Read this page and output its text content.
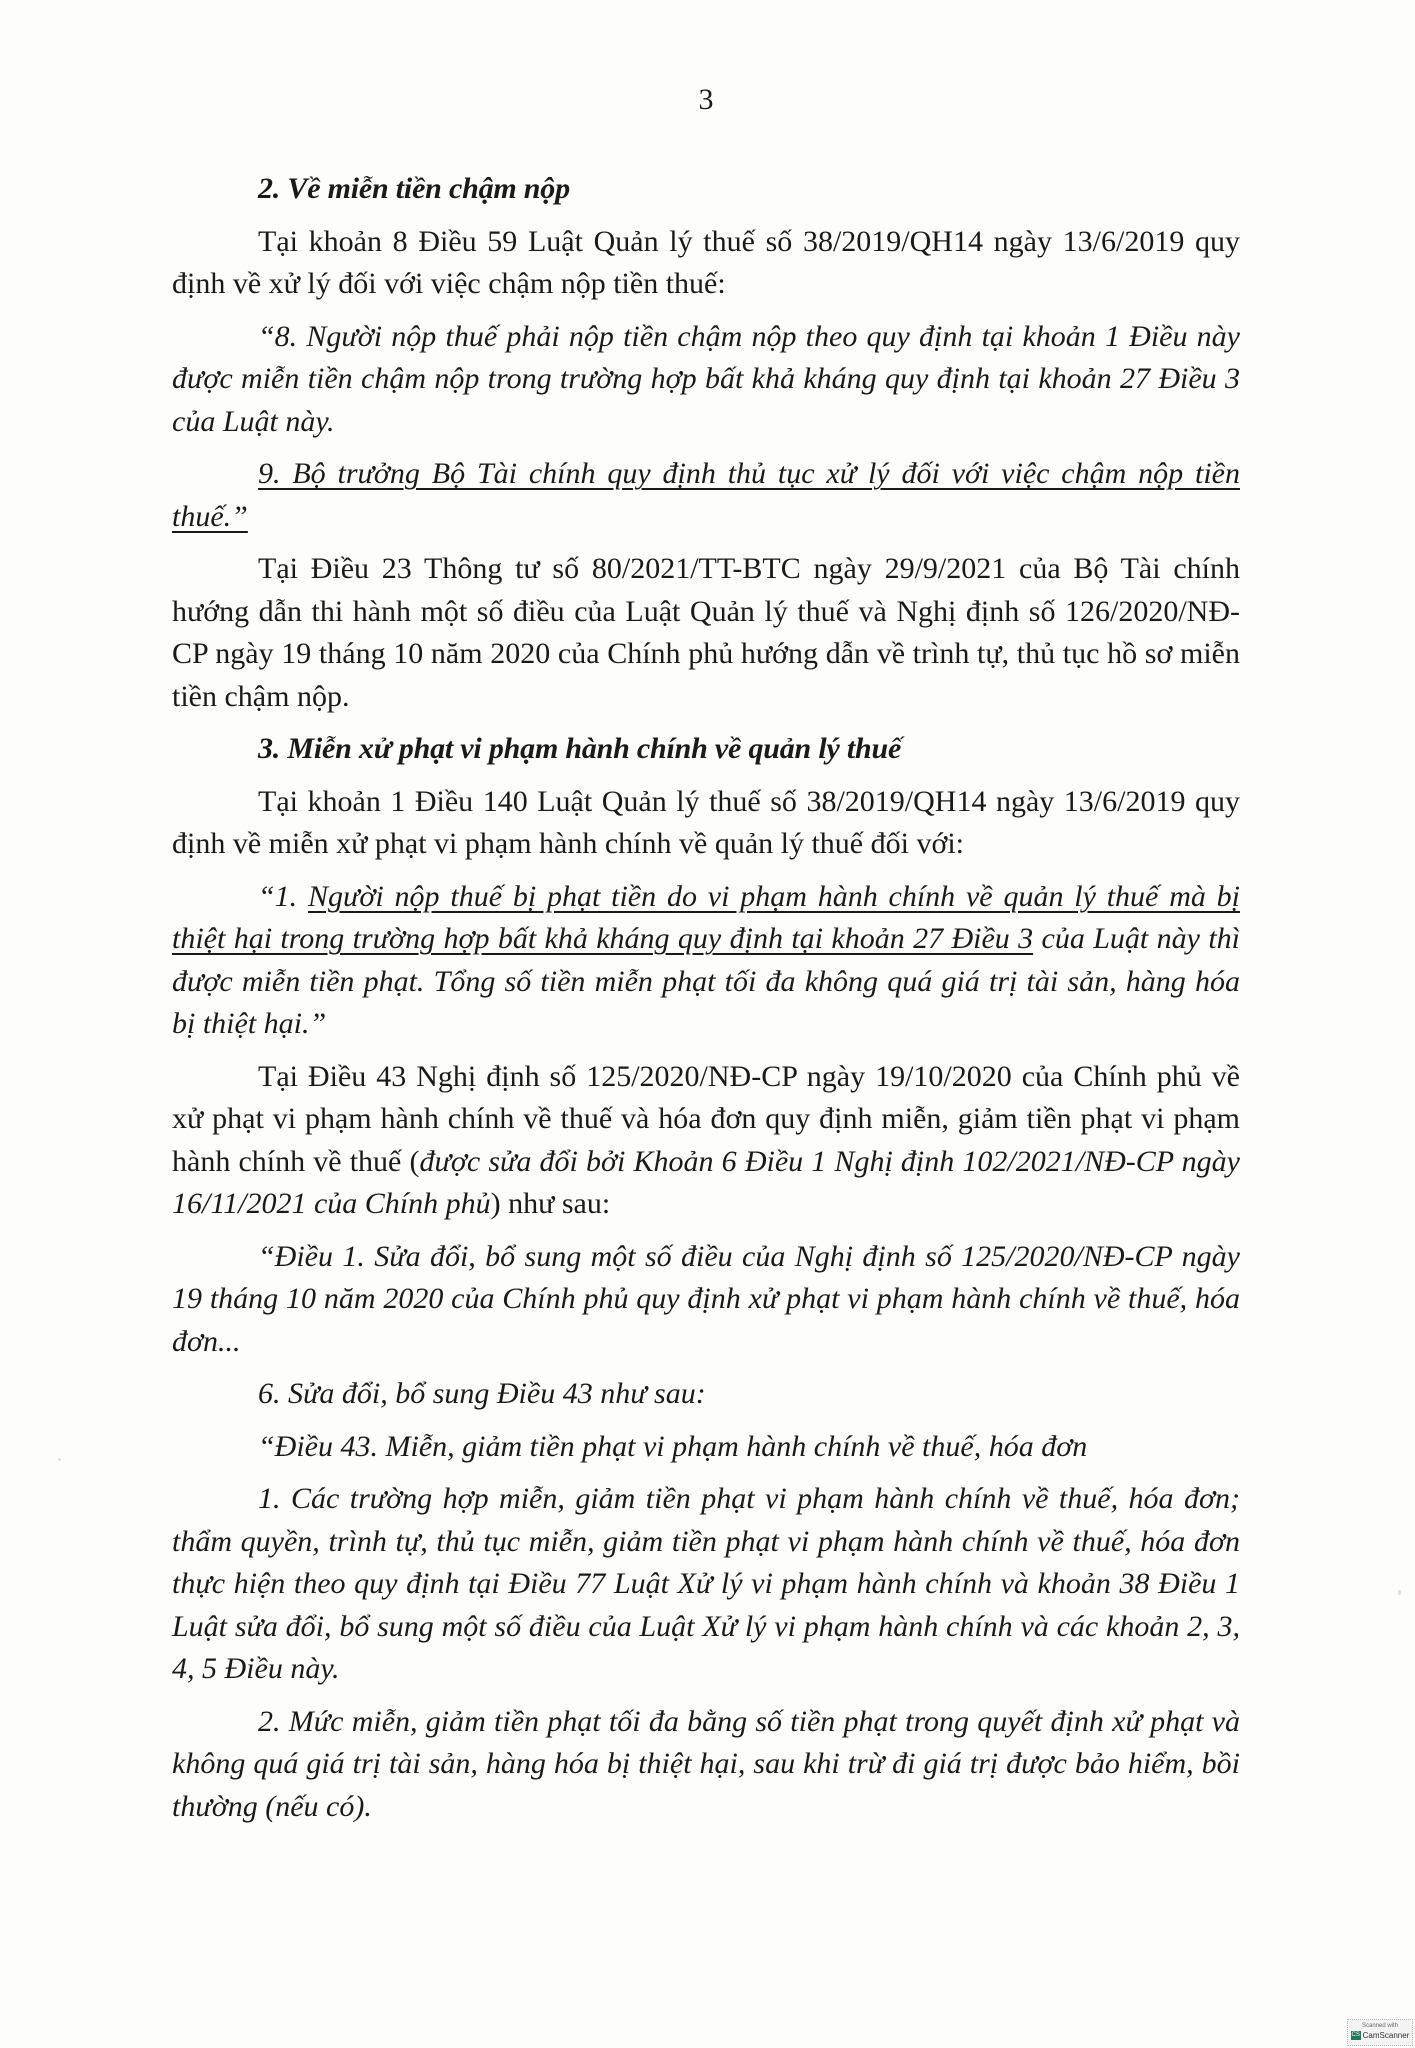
3

2. Về miễn tiền chậm nộp

Tại khoản 8 Điều 59 Luật Quản lý thuế số 38/2019/QH14 ngày 13/6/2019 quy định về xử lý đối với việc chậm nộp tiền thuế:

“8. Người nộp thuế phải nộp tiền chậm nộp theo quy định tại khoản 1 Điều này được miễn tiền chậm nộp trong trường hợp bất khả kháng quy định tại khoản 27 Điều 3 của Luật này.

9. Bộ trưởng Bộ Tài chính quy định thủ tục xử lý đối với việc chậm nộp tiền thuế.”

Tại Điều 23 Thông tư số 80/2021/TT-BTC ngày 29/9/2021 của Bộ Tài chính hướng dẫn thi hành một số điều của Luật Quản lý thuế và Nghị định số 126/2020/NĐ-CP ngày 19 tháng 10 năm 2020 của Chính phủ hướng dẫn về trình tự, thủ tục hồ sơ miễn tiền chậm nộp.

3. Miễn xử phạt vi phạm hành chính về quản lý thuế

Tại khoản 1 Điều 140 Luật Quản lý thuế số 38/2019/QH14 ngày 13/6/2019 quy định về miễn xử phạt vi phạm hành chính về quản lý thuế đối với:

“1. Người nộp thuế bị phạt tiền do vi phạm hành chính về quản lý thuế mà bị thiệt hại trong trường hợp bất khả kháng quy định tại khoản 27 Điều 3 của Luật này thì được miễn tiền phạt. Tổng số tiền miễn phạt tối đa không quá giá trị tài sản, hàng hóa bị thiệt hại.”

Tại Điều 43 Nghị định số 125/2020/NĐ-CP ngày 19/10/2020 của Chính phủ về xử phạt vi phạm hành chính về thuế và hóa đơn quy định miễn, giảm tiền phạt vi phạm hành chính về thuế (được sửa đổi bởi Khoản 6 Điều 1 Nghị định 102/2021/NĐ-CP ngày 16/11/2021 của Chính phủ) như sau:

“Điều 1. Sửa đổi, bổ sung một số điều của Nghị định số 125/2020/NĐ-CP ngày 19 tháng 10 năm 2020 của Chính phủ quy định xử phạt vi phạm hành chính về thuế, hóa đơn...

6. Sửa đổi, bổ sung Điều 43 như sau:

“Điều 43. Miễn, giảm tiền phạt vi phạm hành chính về thuế, hóa đơn

1. Các trường hợp miễn, giảm tiền phạt vi phạm hành chính về thuế, hóa đơn; thẩm quyền, trình tự, thủ tục miễn, giảm tiền phạt vi phạm hành chính về thuế, hóa đơn thực hiện theo quy định tại Điều 77 Luật Xử lý vi phạm hành chính và khoản 38 Điều 1 Luật sửa đổi, bổ sung một số điều của Luật Xử lý vi phạm hành chính và các khoản 2, 3, 4, 5 Điều này.

2. Mức miễn, giảm tiền phạt tối đa bằng số tiền phạt trong quyết định xử phạt và không quá giá trị tài sản, hàng hóa bị thiệt hại, sau khi trừ đi giá trị được bảo hiểm, bồi thường (nếu có).

Scanned with
CS CamScanner
